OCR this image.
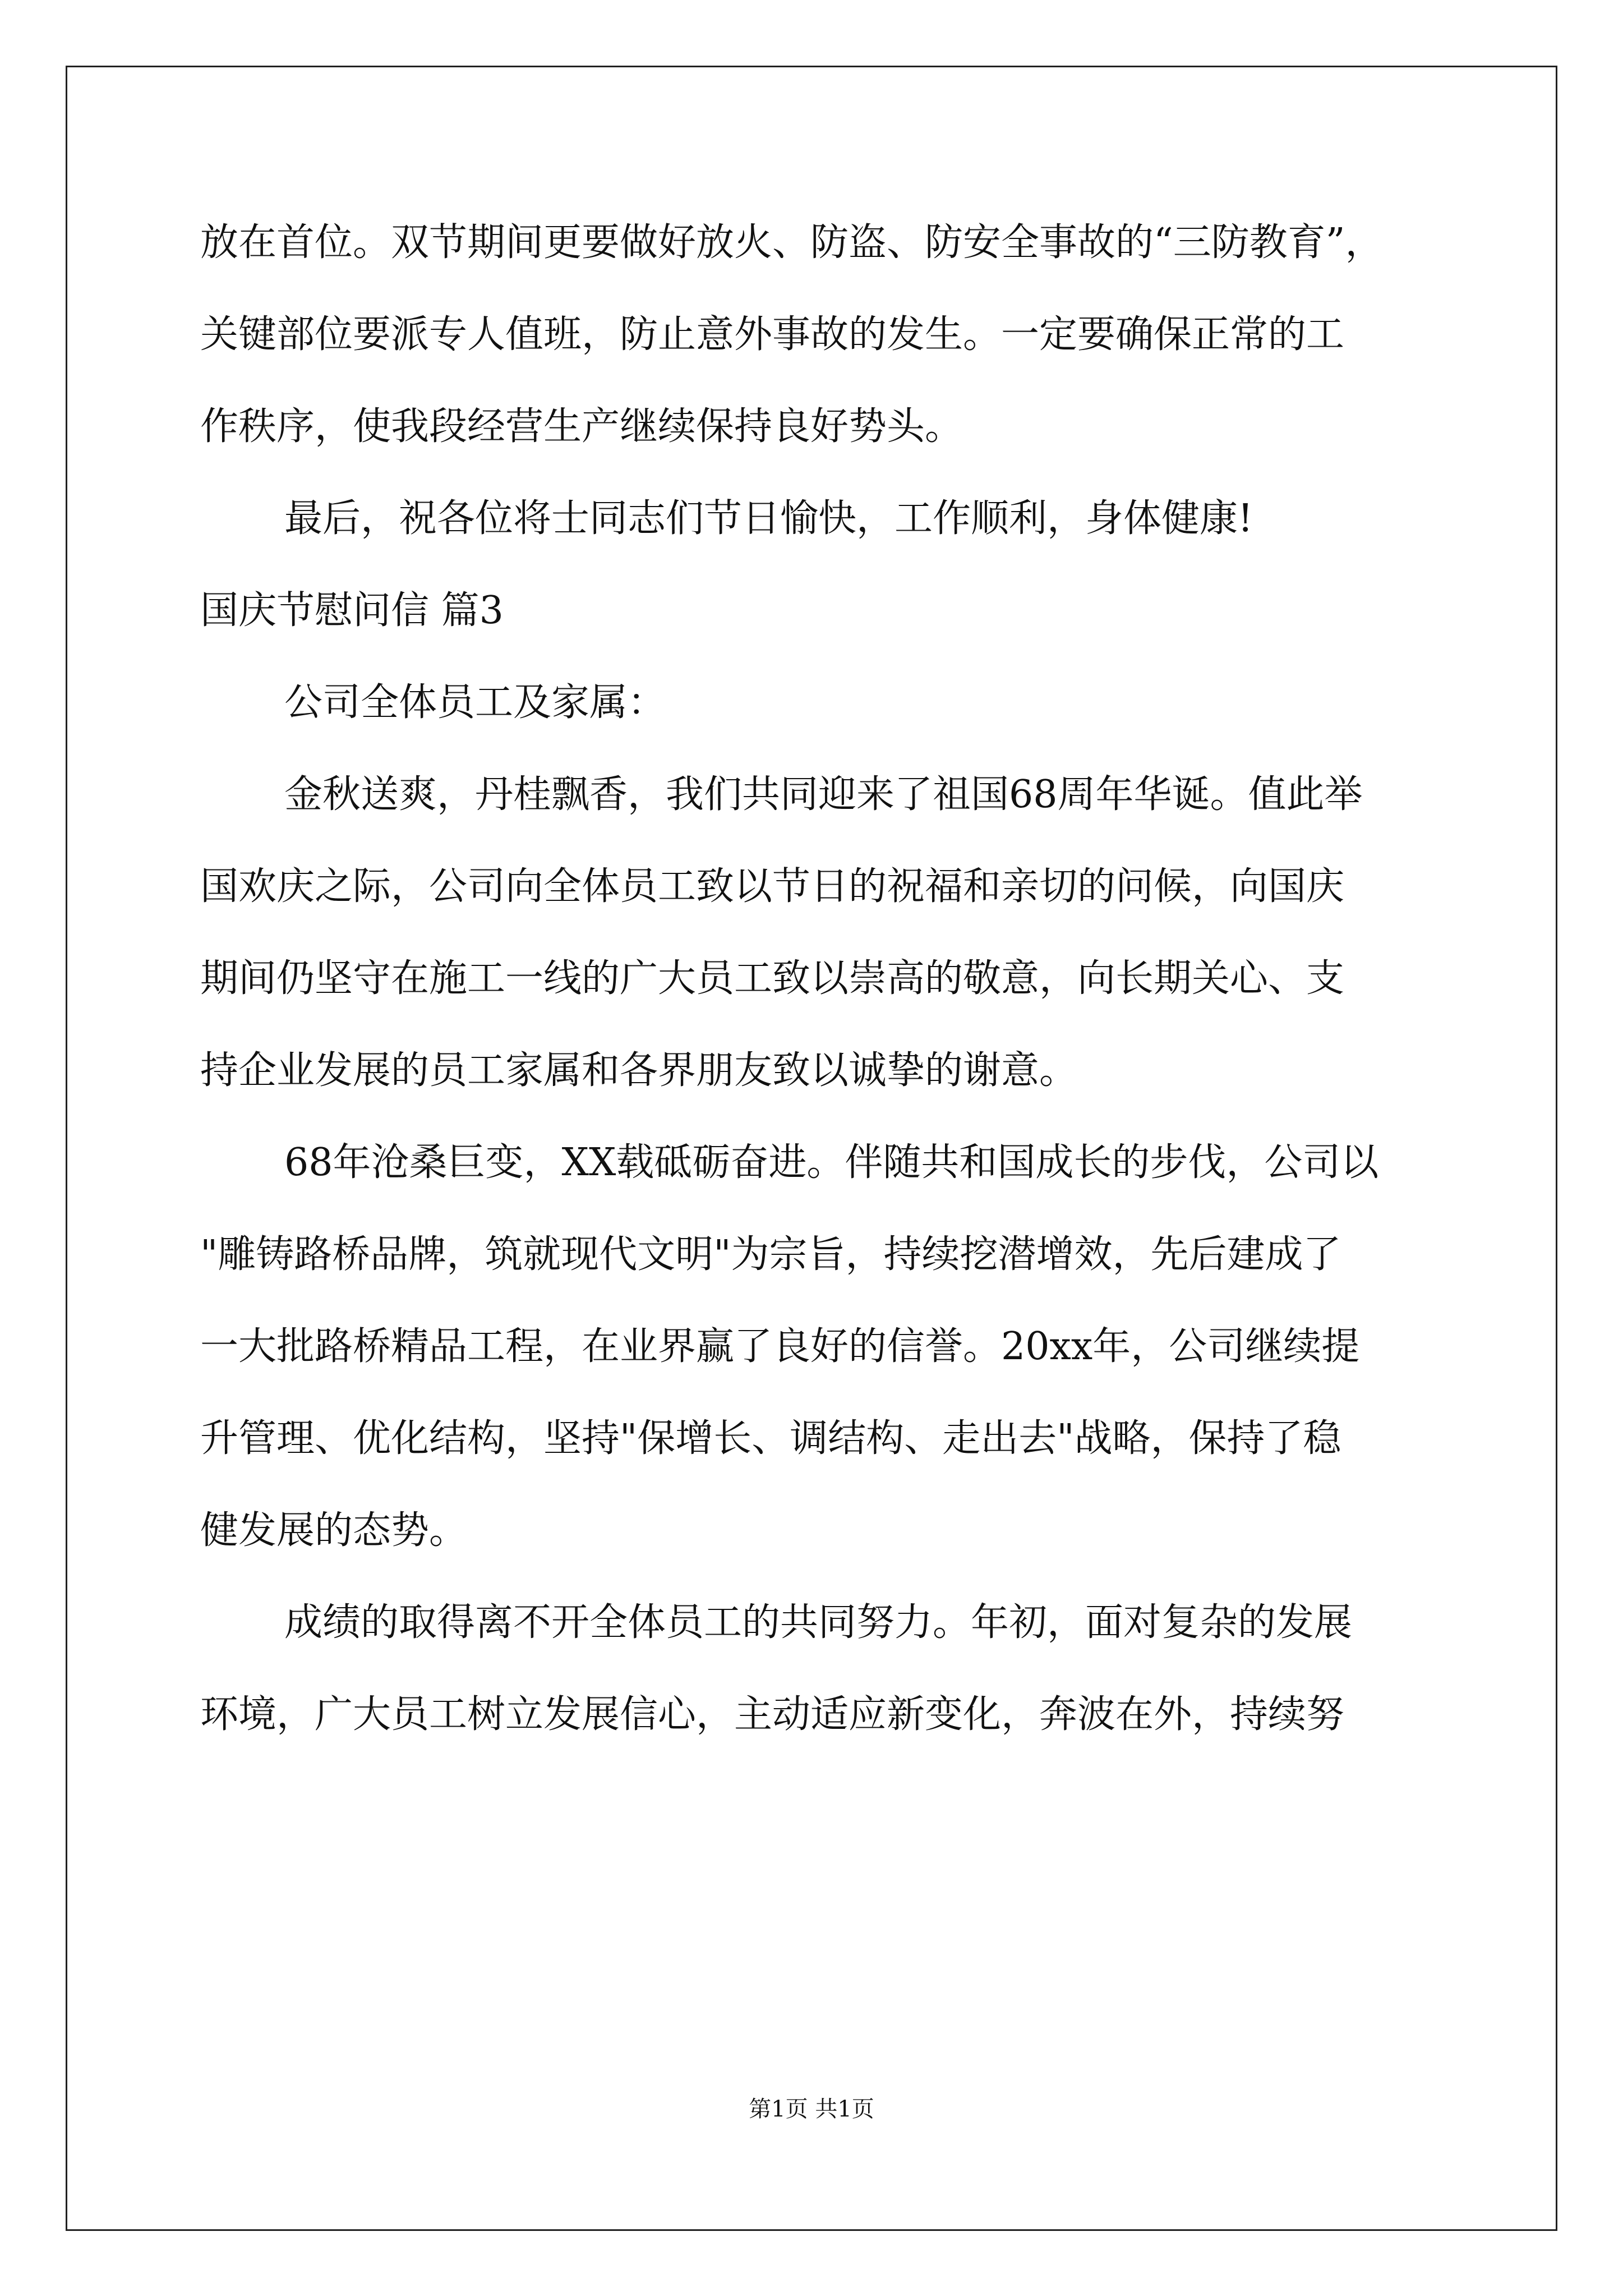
放在首位。双节期间更要做好放火、防盗、防安全事故的“三防教育”，
关键部位要派专人值班，防止意外事故的发生。一定要确保正常的工
作秩序，使我段经营生产继续保持良好势头。
最后，祝各位将士同志们节日愉快，工作顺利，身体健康!
国庆节慰问信 篇3
公司全体员工及家属：
金秋送爽，丹桂飘香，我们共同迎来了祖国68周年华诞。值此举
国欢庆之际，公司向全体员工致以节日的祝福和亲切的问候，向国庆
期间仍坚守在施工一线的广大员工致以崇高的敬意，向长期关心、支
持企业发展的员工家属和各界朋友致以诚挚的谢意。
68年沧桑巨变，XX载砥砺奋进。伴随共和国成长的步伐，公司以
"雕铸路桥品牌，筑就现代文明"为宗旨，持续挖潜增效，先后建成了
一大批路桥精品工程，在业界赢了良好的信誉。20xx年，公司继续提
升管理、优化结构，坚持"保增长、调结构、走出去"战略，保持了稳
健发展的态势。
成绩的取得离不开全体员工的共同努力。年初，面对复杂的发展
环境，广大员工树立发展信心，主动适应新变化，奔波在外，持续努
第1页 共1页
